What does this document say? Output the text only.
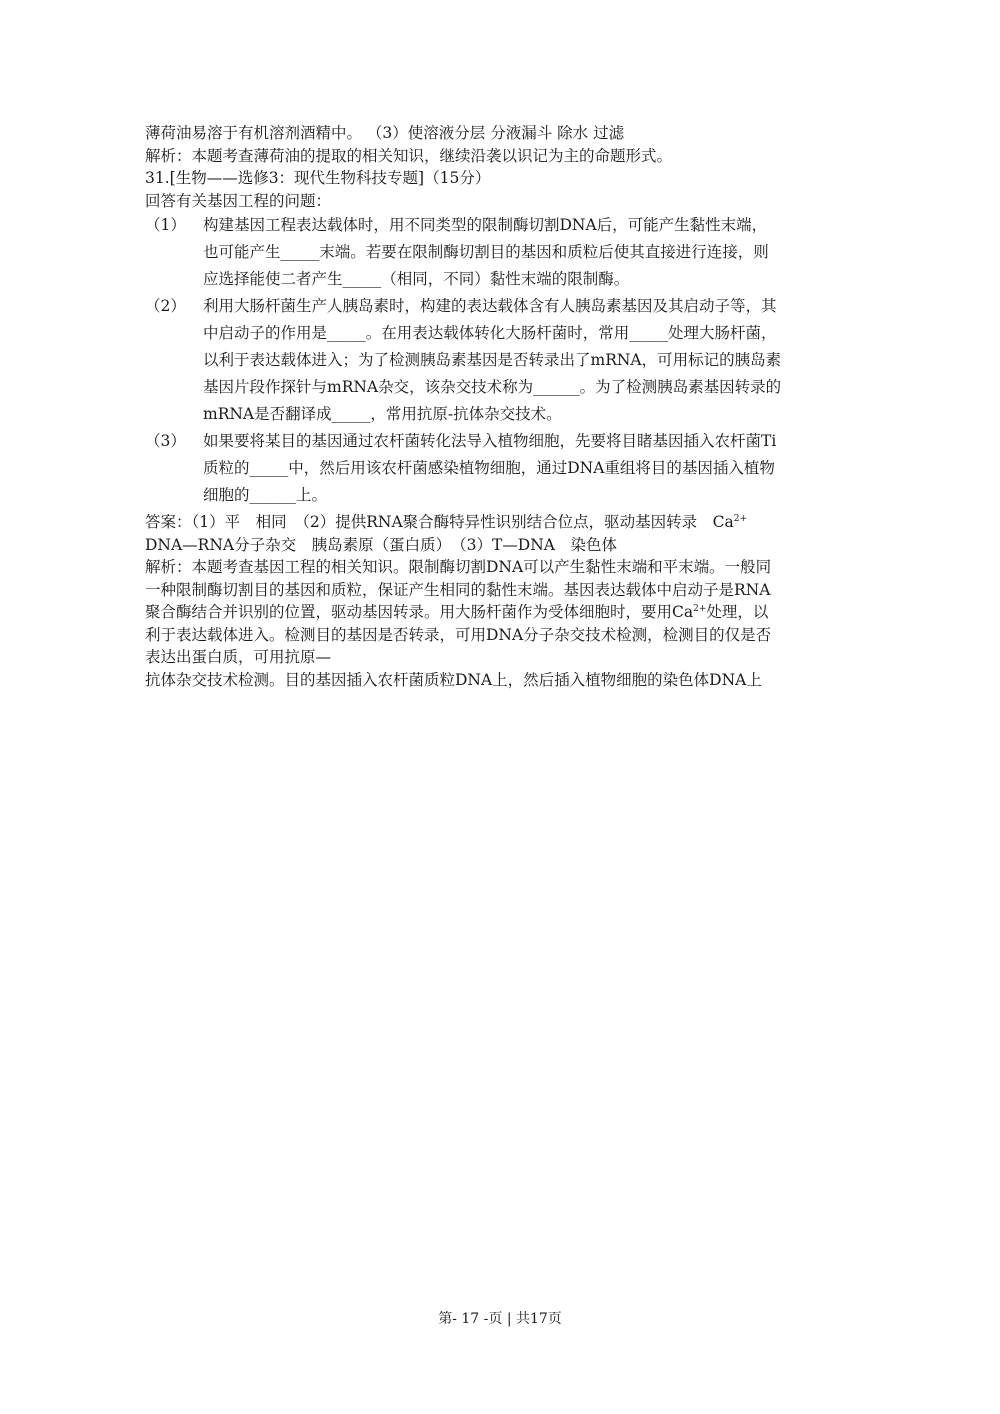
薄荷油易溶于有机溶剂酒精中。 （3）使溶液分层 分液漏斗 除水 过滤
解析：本题考查薄荷油的提取的相关知识，继续沿袭以识记为主的命题形式。
31.[生物——选修3：现代生物科技专题]（15分）
回答有关基因工程的问题：
（1） 构建基因工程表达载体时，用不同类型的限制酶切割DNA后，可能产生黏性末端，
也可能产生_____末端。若要在限制酶切割目的基因和质粒后使其直接进行连接，则
应选择能使二者产生_____（相同，不同）黏性末端的限制酶。
（2） 利用大肠杆菌生产人胰岛素时，构建的表达载体含有人胰岛素基因及其启动子等，其
中启动子的作用是_____。在用表达载体转化大肠杆菌时，常用_____处理大肠杆菌，
以利于表达载体进入；为了检测胰岛素基因是否转录出了mRNA，可用标记的胰岛素
基因片段作探针与mRNA杂交，该杂交技术称为______。为了检测胰岛素基因转录的
mRNA是否翻译成_____，常用抗原-抗体杂交技术。
（3） 如果要将某目的基因通过农杆菌转化法导入植物细胞，先要将目睹基因插入农杆菌Ti
质粒的_____中，然后用该农杆菌感染植物细胞，通过DNA重组将目的基因插入植物
细胞的______上。
答案：（1）平　相同　（2）提供RNA聚合酶特异性识别结合位点，驱动基因转录　$Ca^{2+}$
DNA—RNA分子杂交　胰岛素原（蛋白质）　（3）T—DNA　染色体
解析：本题考查基因工程的相关知识。限制酶切割DNA可以产生黏性末端和平末端。一般同
一种限制酶切割目的基因和质粒，保证产生相同的黏性末端。基因表达载体中启动子是RNA
聚合酶结合并识别的位置，驱动基因转录。用大肠杆菌作为受体细胞时，要用$Ca^{2+}$处理，以
利于表达载体进入。检测目的基因是否转录，可用DNA分子杂交技术检测，检测目的仅是否
表达出蛋白质，可用抗原—
抗体杂交技术检测。目的基因插入农杆菌质粒DNA上，然后插入植物细胞的染色体DNA上
第- 17 -页 | 共17页
